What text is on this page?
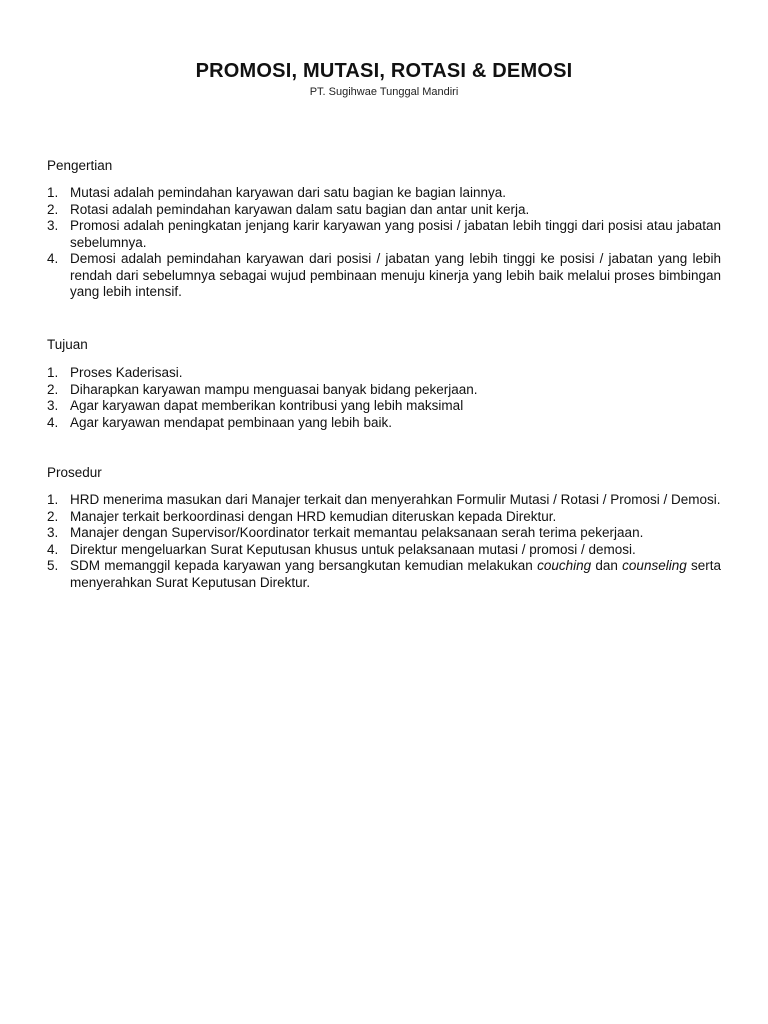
PROMOSI, MUTASI, ROTASI & DEMOSI
PT. Sugihwae Tunggal Mandiri
Pengertian
1. Mutasi adalah pemindahan karyawan dari satu bagian ke bagian lainnya.
2. Rotasi adalah pemindahan karyawan dalam satu bagian dan antar unit kerja.
3. Promosi adalah peningkatan jenjang karir karyawan yang posisi / jabatan lebih tinggi dari posisi atau jabatan sebelumnya.
4. Demosi adalah pemindahan karyawan dari posisi / jabatan yang lebih tinggi ke posisi / jabatan yang lebih rendah dari sebelumnya sebagai wujud pembinaan menuju kinerja yang lebih baik melalui proses bimbingan yang lebih intensif.
Tujuan
1. Proses Kaderisasi.
2. Diharapkan karyawan mampu menguasai banyak bidang pekerjaan.
3. Agar karyawan dapat memberikan kontribusi yang lebih maksimal
4. Agar karyawan mendapat pembinaan yang lebih baik.
Prosedur
1. HRD menerima masukan dari Manajer terkait dan menyerahkan Formulir Mutasi / Rotasi / Promosi / Demosi.
2. Manajer terkait berkoordinasi dengan HRD kemudian diteruskan kepada Direktur.
3. Manajer dengan Supervisor/Koordinator terkait memantau pelaksanaan serah terima pekerjaan.
4. Direktur mengeluarkan Surat Keputusan khusus untuk pelaksanaan mutasi / promosi / demosi.
5. SDM memanggil kepada karyawan yang bersangkutan kemudian melakukan couching dan counseling serta menyerahkan Surat Keputusan Direktur.
